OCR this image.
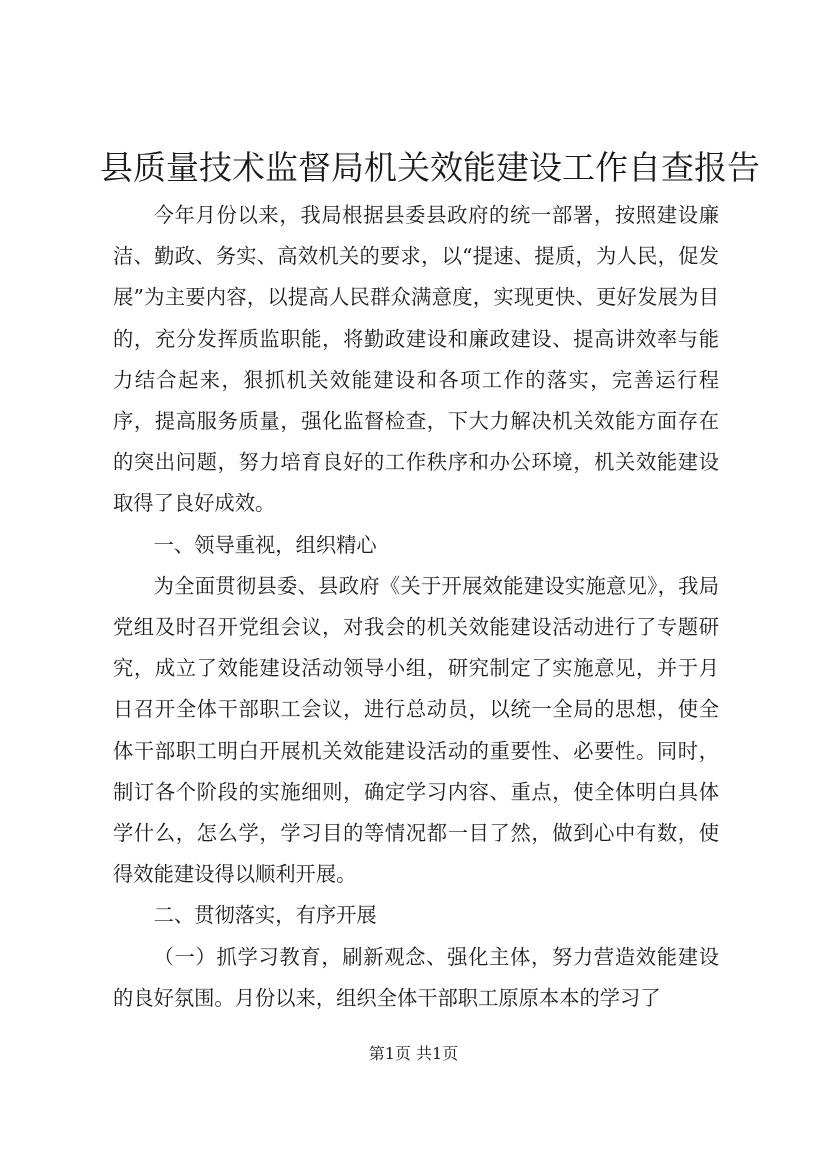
县质量技术监督局机关效能建设工作自查报告

今年月份以来，我局根据县委县政府的统一部署，按照建设廉洁、勤政、务实、高效机关的要求，以“提速、提质，为人民，促发展”为主要内容，以提高人民群众满意度，实现更快、更好发展为目的，充分发挥质监职能，将勤政建设和廉政建设、提高讲效率与能力结合起来，狠抓机关效能建设和各项工作的落实，完善运行程序，提高服务质量，强化监督检查，下大力解决机关效能方面存在的突出问题，努力培育良好的工作秩序和办公环境，机关效能建设取得了良好成效。

一、领导重视，组织精心

为全面贯彻县委、县政府《关于开展效能建设实施意见》，我局党组及时召开党组会议，对我会的机关效能建设活动进行了专题研究，成立了效能建设活动领导小组，研究制定了实施意见，并于月日召开全体干部职工会议，进行总动员，以统一全局的思想，使全体干部职工明白开展机关效能建设活动的重要性、必要性。同时，制订各个阶段的实施细则，确定学习内容、重点，使全体明白具体学什么，怎么学，学习目的等情况都一目了然，做到心中有数，使得效能建设得以顺利开展。

二、贯彻落实，有序开展

（一）抓学习教育，刷新观念、强化主体，努力营造效能建设的良好氛围。月份以来，组织全体干部职工原原本本的学习了

第1页 共1页
